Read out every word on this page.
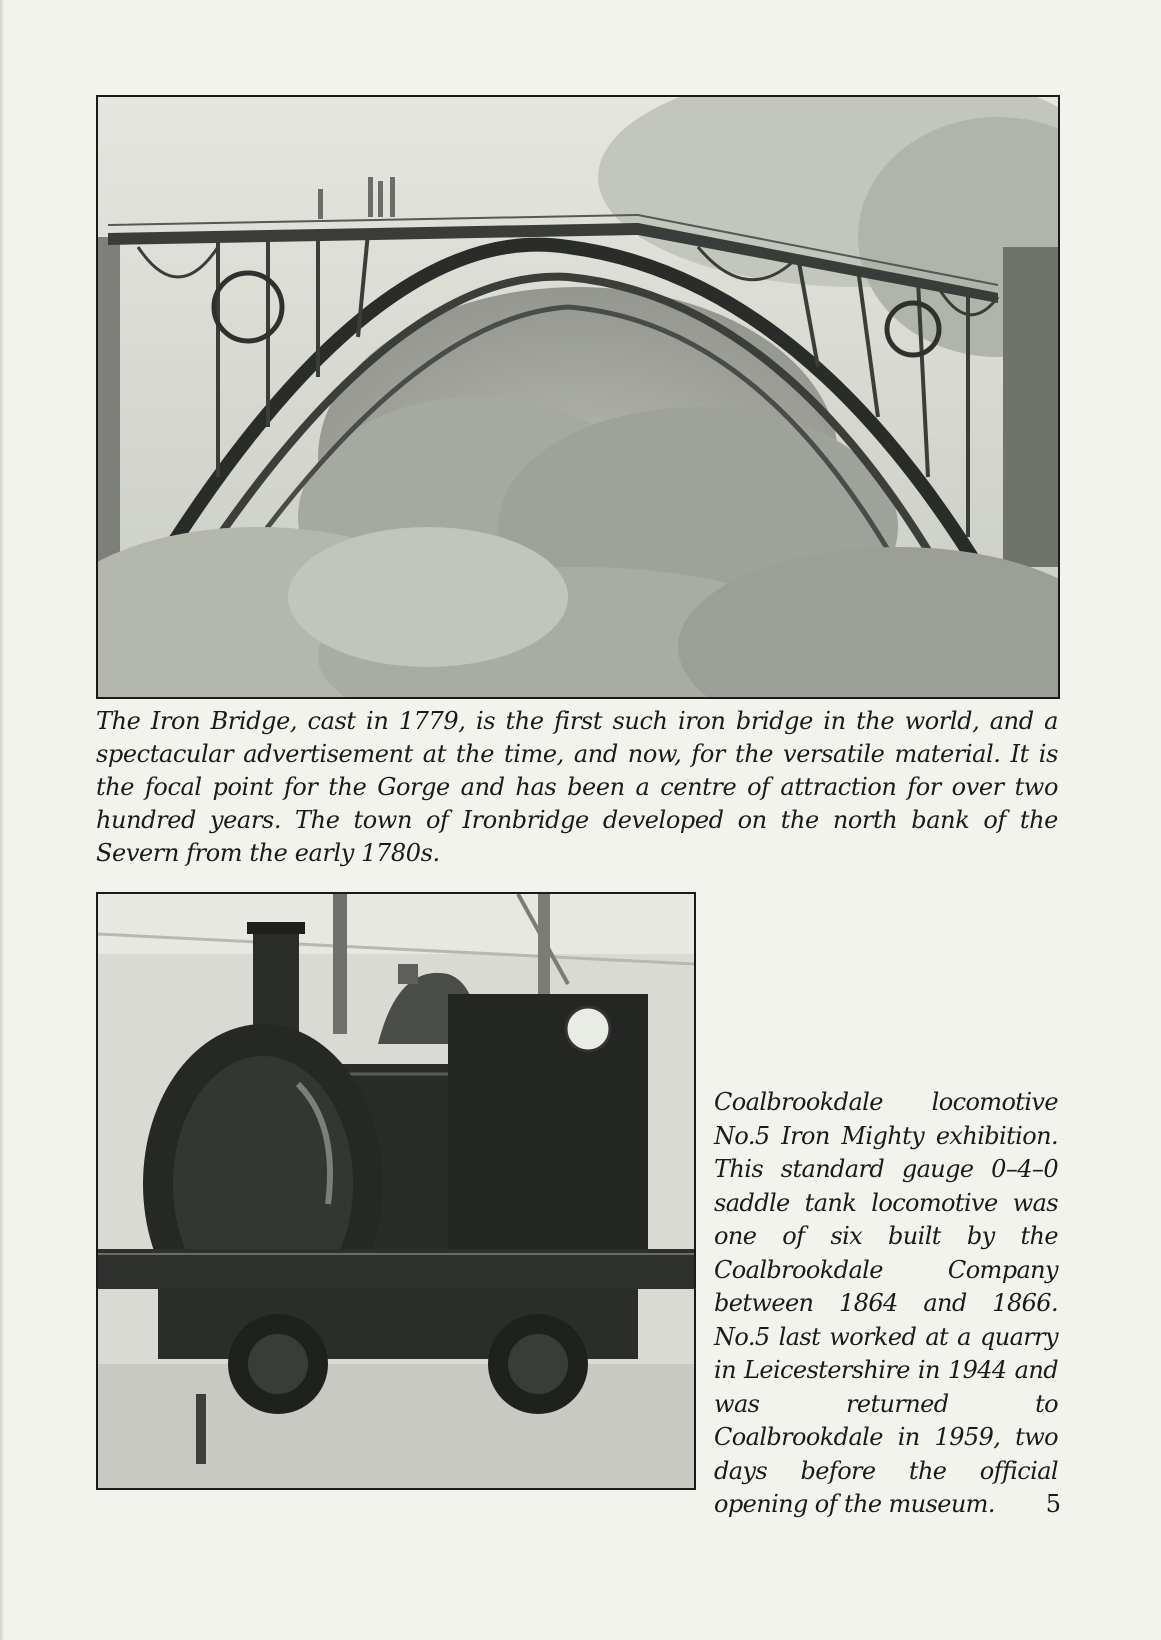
The Iron Bridge, cast in 1779, is the first such iron bridge in the world, and a spectacular advertisement at the time, and now, for the versatile material. It is the focal point for the Gorge and has been a centre of attraction for over two hundred years. The town of Ironbridge developed on the north bank of the Severn from the early 1780s.

Coalbrookdale locomotive No.5 Iron Mighty exhibition. This standard gauge 0–4–0 saddle tank locomotive was one of six built by the Coalbrookdale Company between 1864 and 1866. No.5 last worked at a quarry in Leicestershire in 1944 and was returned to Coalbrookdale in 1959, two days before the official opening of the museum.	5
